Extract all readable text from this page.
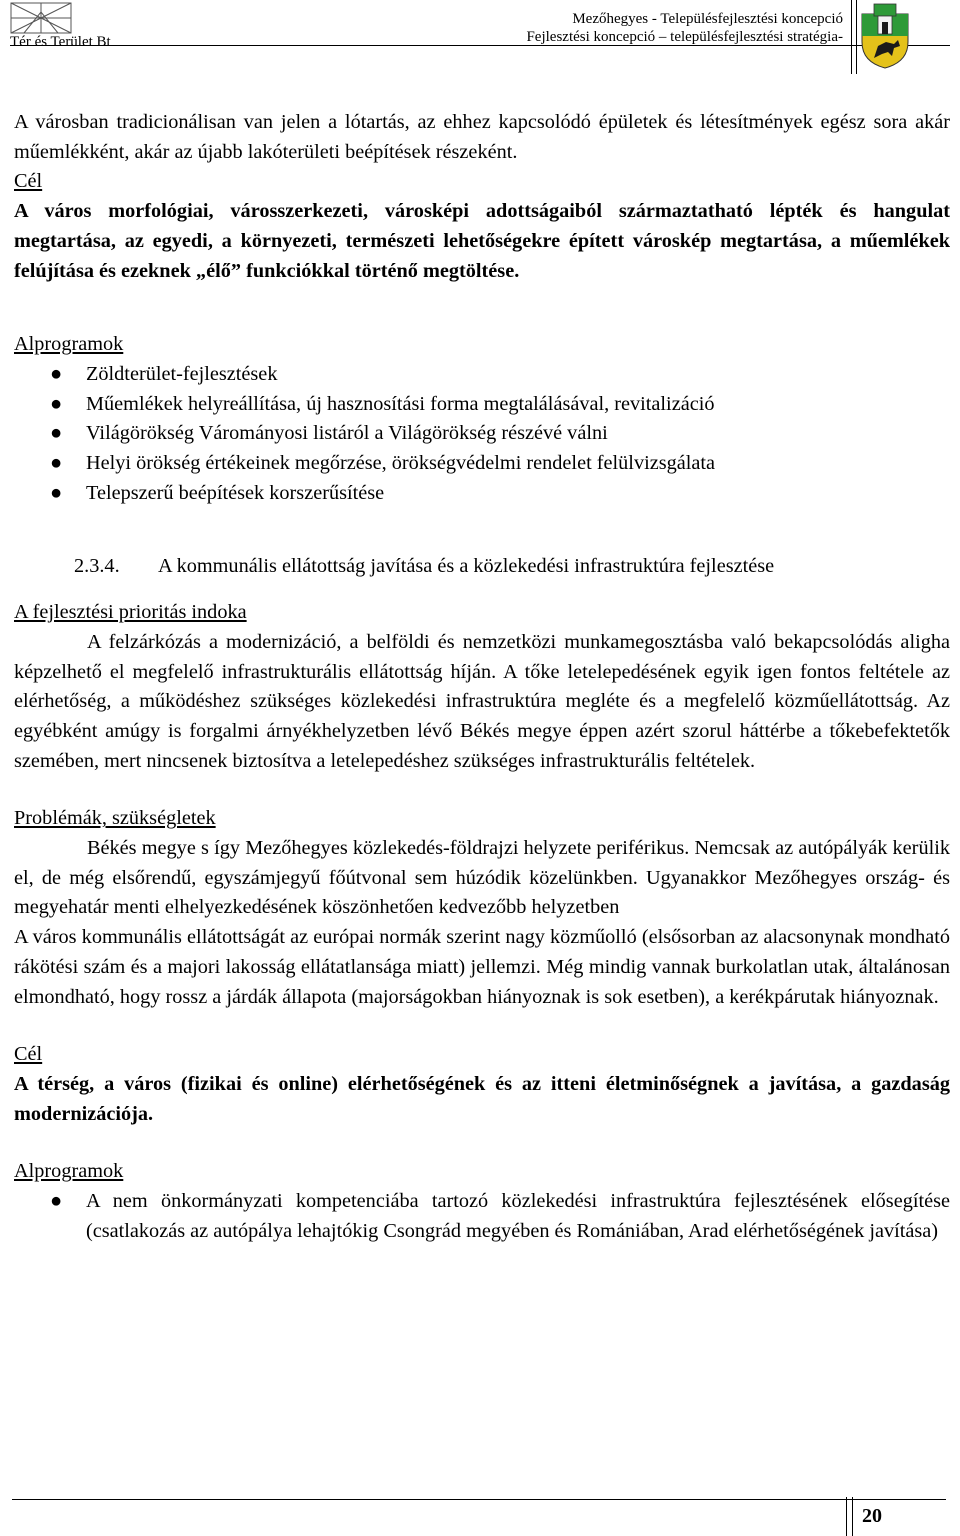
Tér és Terület Bt
Mezőhegyes - Településfejlesztési koncepció
Fejlesztési koncepció – településfejlesztési stratégia-

A városban tradicionálisan van jelen a lótartás, az ehhez kapcsolódó épületek és létesítmények egész sora akár műemlékként, akár az újabb lakóterületi beépítések részeként.

Cél

A város morfológiai, városszerkezeti, városképi adottságaiból származtatható lépték és hangulat megtartása, az egyedi, a környezeti, természeti lehetőségekre épített városkép megtartása, a műemlékek felújítása és ezeknek „élő” funkciókkal történő megtöltése.

Alprogramok

● Zöldterület-fejlesztések
● Műemlékek helyreállítása, új hasznosítási forma megtalálásával, revitalizáció
● Világörökség Várományosi listáról a Világörökség részévé válni
● Helyi örökség értékeinek megőrzése, örökségvédelmi rendelet felülvizsgálata
● Telepszerű beépítések korszerűsítése

2.3.4. A kommunális ellátottság javítása és a közlekedési infrastruktúra fejlesztése

A fejlesztési prioritás indoka

A felzárkózás a modernizáció, a belföldi és nemzetközi munkamegosztásba való bekapcsolódás aligha képzelhető el megfelelő infrastrukturális ellátottság híján. A tőke letelepedésének egyik igen fontos feltétele az elérhetőség, a működéshez szükséges közlekedési infrastruktúra megléte és a megfelelő közműellátottság. Az egyébként amúgy is forgalmi árnyékhelyzetben lévő Békés megye éppen azért szorul háttérbe a tőkebefektetők szemében, mert nincsenek biztosítva a letelepedéshez szükséges infrastrukturális feltételek.

Problémák, szükségletek

Békés megye s így Mezőhegyes közlekedés-földrajzi helyzete periférikus. Nemcsak az autópályák kerülik el, de még elsőrendű, egyszámjegyű főútvonal sem húzódik közelünkben. Ugyanakkor Mezőhegyes ország- és megyehatár menti elhelyezkedésének köszönhetően kedvezőbb helyzetben

A város kommunális ellátottságát az európai normák szerint nagy közműolló (elsősorban az alacsonynak mondható rákötési szám és a majori lakosság ellátatlansága miatt) jellemzi. Még mindig vannak burkolatlan utak, általánosan elmondható, hogy rossz a járdák állapota (majorságokban hiányoznak is sok esetben), a kerékpárutak hiányoznak.

Cél

A térség, a város (fizikai és online) elérhetőségének és az itteni életminőségnek a javítása, a gazdaság modernizációja.

Alprogramok

● A nem önkormányzati kompetenciába tartozó közlekedési infrastruktúra fejlesztésének elősegítése (csatlakozás az autópálya lehajtókig Csongrád megyében és Romániában, Arad elérhetőségének javítása)
20
